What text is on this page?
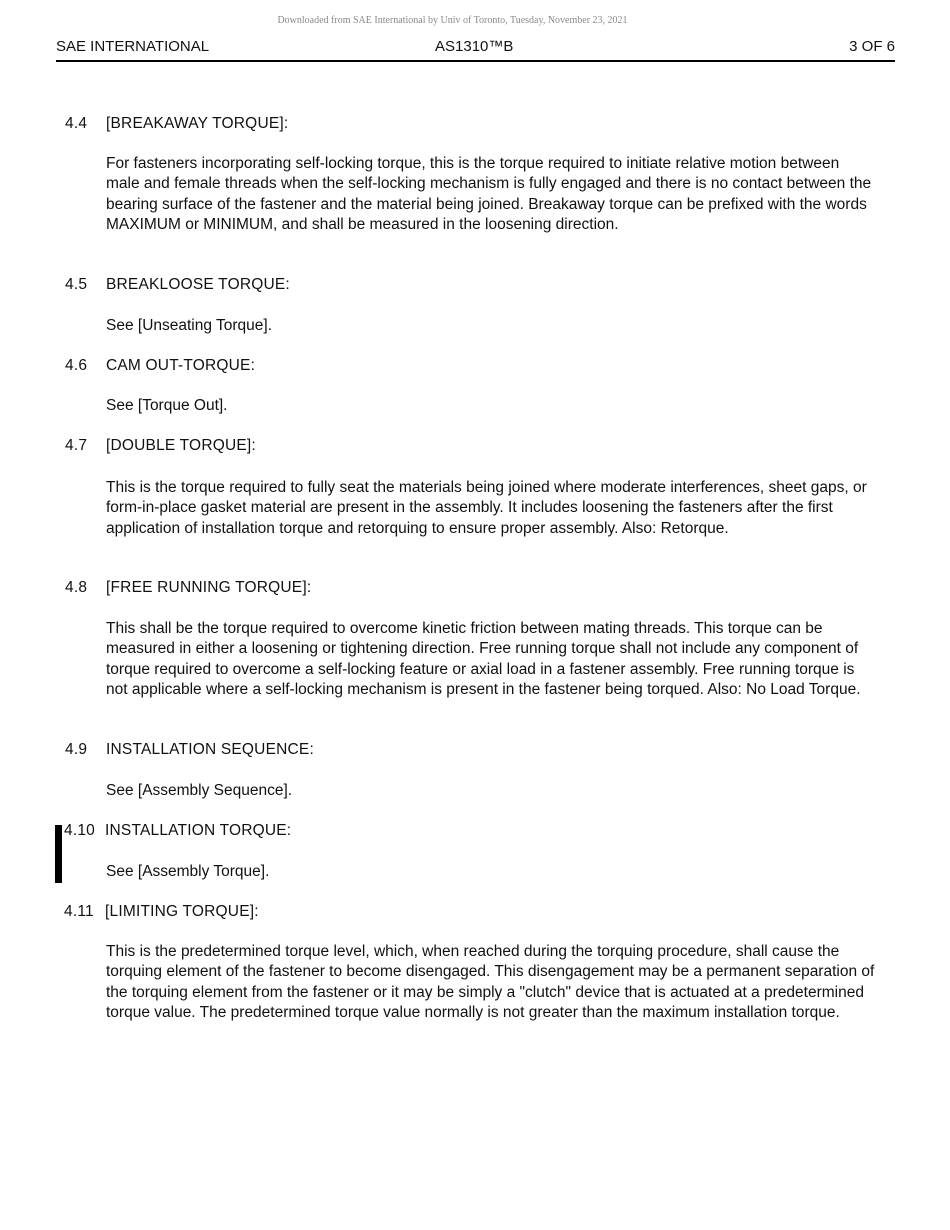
Downloaded from SAE International by Univ of Toronto, Tuesday, November 23, 2021
SAE INTERNATIONAL	AS1310™B	3 OF 6
4.4 [BREAKAWAY TORQUE]:

For fasteners incorporating self-locking torque, this is the torque required to initiate relative motion between male and female threads when the self-locking mechanism is fully engaged and there is no contact between the bearing surface of the fastener and the material being joined. Breakaway torque can be prefixed with the words MAXIMUM or MINIMUM, and shall be measured in the loosening direction.

4.5 BREAKLOOSE TORQUE:

See [Unseating Torque].

4.6 CAM OUT-TORQUE:

See [Torque Out].

4.7 [DOUBLE TORQUE]:

This is the torque required to fully seat the materials being joined where moderate interferences, sheet gaps, or form-in-place gasket material are present in the assembly. It includes loosening the fasteners after the first application of installation torque and retorquing to ensure proper assembly. Also: Retorque.

4.8 [FREE RUNNING TORQUE]:

This shall be the torque required to overcome kinetic friction between mating threads. This torque can be measured in either a loosening or tightening direction. Free running torque shall not include any component of torque required to overcome a self-locking feature or axial load in a fastener assembly. Free running torque is not applicable where a self-locking mechanism is present in the fastener being torqued. Also: No Load Torque.

4.9 INSTALLATION SEQUENCE:

See [Assembly Sequence].

4.10 INSTALLATION TORQUE:

See [Assembly Torque].

4.11 [LIMITING TORQUE]:

This is the predetermined torque level, which, when reached during the torquing procedure, shall cause the torquing element of the fastener to become disengaged. This disengagement may be a permanent separation of the torquing element from the fastener or it may be simply a "clutch" device that is actuated at a predetermined torque value. The predetermined torque value normally is not greater than the maximum installation torque.
